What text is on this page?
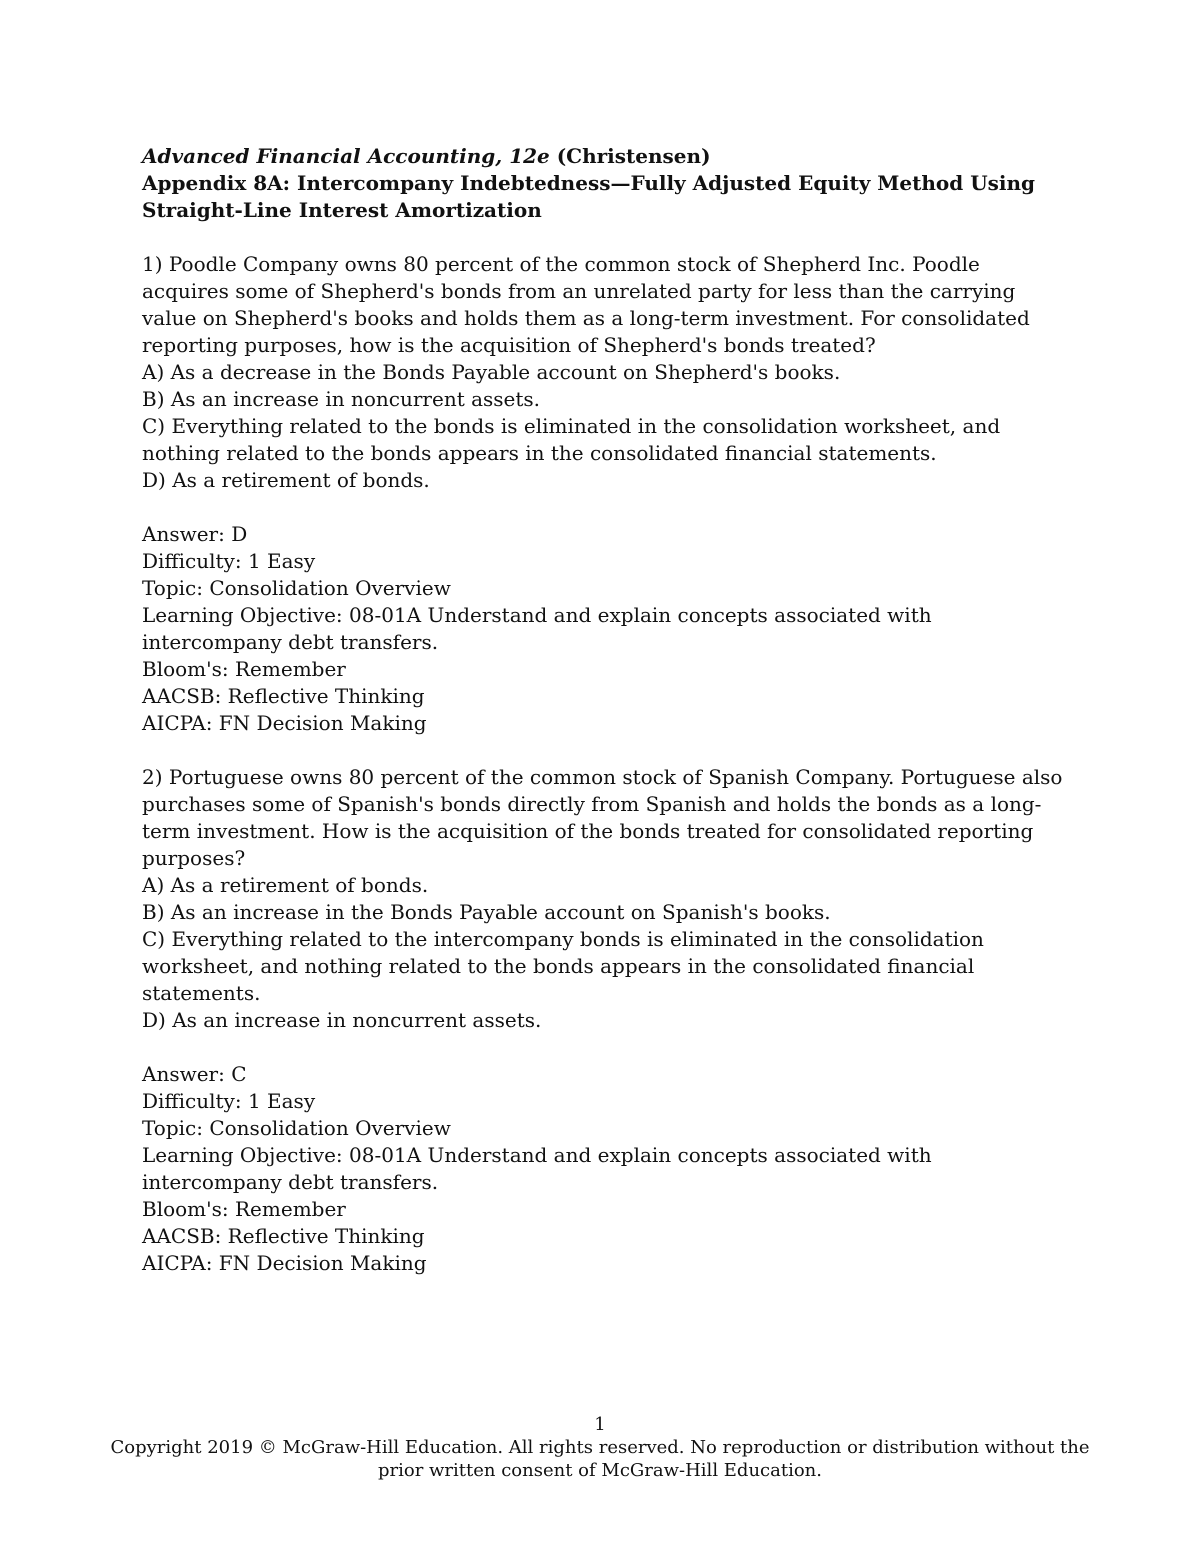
Advanced Financial Accounting, 12e (Christensen)
Appendix 8A: Intercompany Indebtedness—Fully Adjusted Equity Method Using Straight-Line Interest Amortization
1) Poodle Company owns 80 percent of the common stock of Shepherd Inc. Poodle acquires some of Shepherd's bonds from an unrelated party for less than the carrying value on Shepherd's books and holds them as a long-term investment. For consolidated reporting purposes, how is the acquisition of Shepherd's bonds treated?
A) As a decrease in the Bonds Payable account on Shepherd's books.
B) As an increase in noncurrent assets.
C) Everything related to the bonds is eliminated in the consolidation worksheet, and nothing related to the bonds appears in the consolidated financial statements.
D) As a retirement of bonds.
Answer: D
Difficulty: 1 Easy
Topic: Consolidation Overview
Learning Objective: 08-01A Understand and explain concepts associated with intercompany debt transfers.
Bloom's: Remember
AACSB: Reflective Thinking
AICPA: FN Decision Making
2) Portuguese owns 80 percent of the common stock of Spanish Company. Portuguese also purchases some of Spanish's bonds directly from Spanish and holds the bonds as a long-term investment. How is the acquisition of the bonds treated for consolidated reporting purposes?
A) As a retirement of bonds.
B) As an increase in the Bonds Payable account on Spanish's books.
C) Everything related to the intercompany bonds is eliminated in the consolidation worksheet, and nothing related to the bonds appears in the consolidated financial statements.
D) As an increase in noncurrent assets.
Answer: C
Difficulty: 1 Easy
Topic: Consolidation Overview
Learning Objective: 08-01A Understand and explain concepts associated with intercompany debt transfers.
Bloom's: Remember
AACSB: Reflective Thinking
AICPA: FN Decision Making
1
Copyright 2019 © McGraw-Hill Education. All rights reserved. No reproduction or distribution without the prior written consent of McGraw-Hill Education.
